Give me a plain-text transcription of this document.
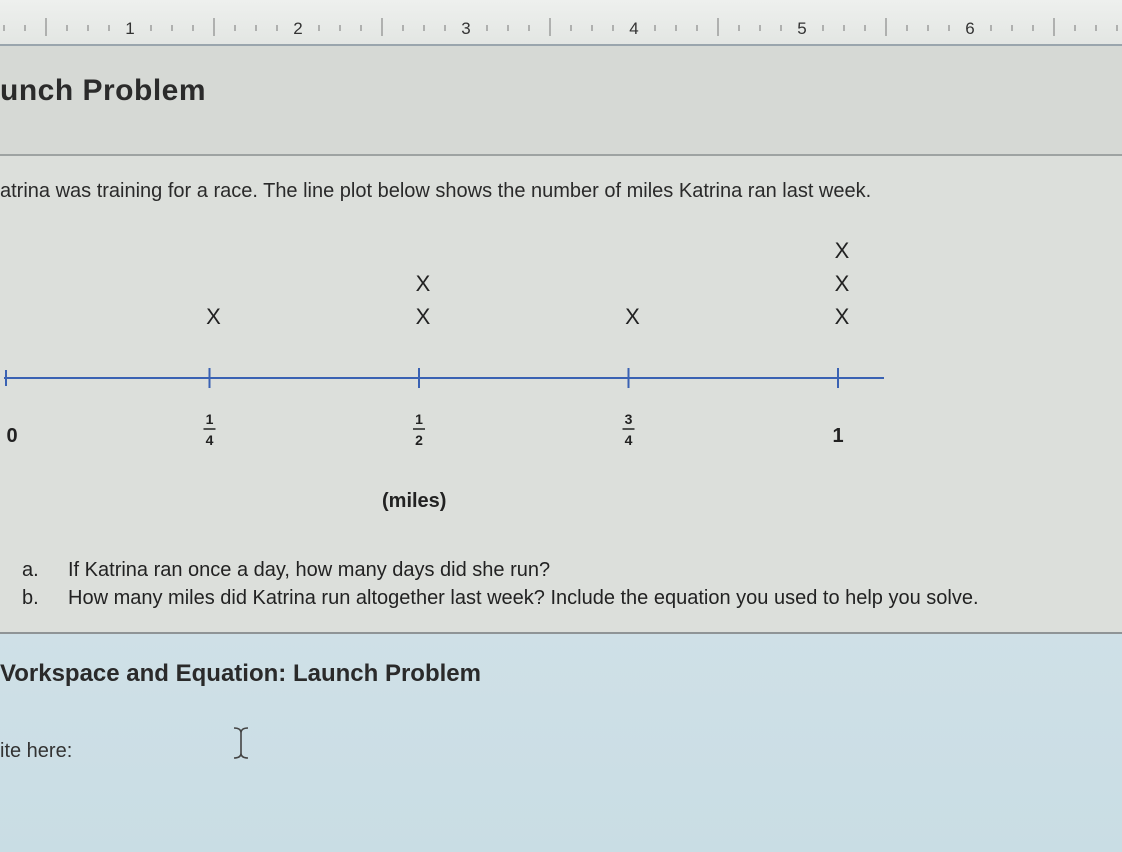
1	2	3	4	5	6
unch Problem
atrina was training for a race. The line plot below shows the number of miles Katrina ran last week.
0
1
4
1
2
3
4	1
X	X
X
X	X
X
X
(miles)
a.	If Katrina ran once a day, how many days did she run?
b.	How many miles did Katrina run altogether last week? Include the equation you used to help you solve.
Vorkspace and Equation: Launch Problem
ite here:
